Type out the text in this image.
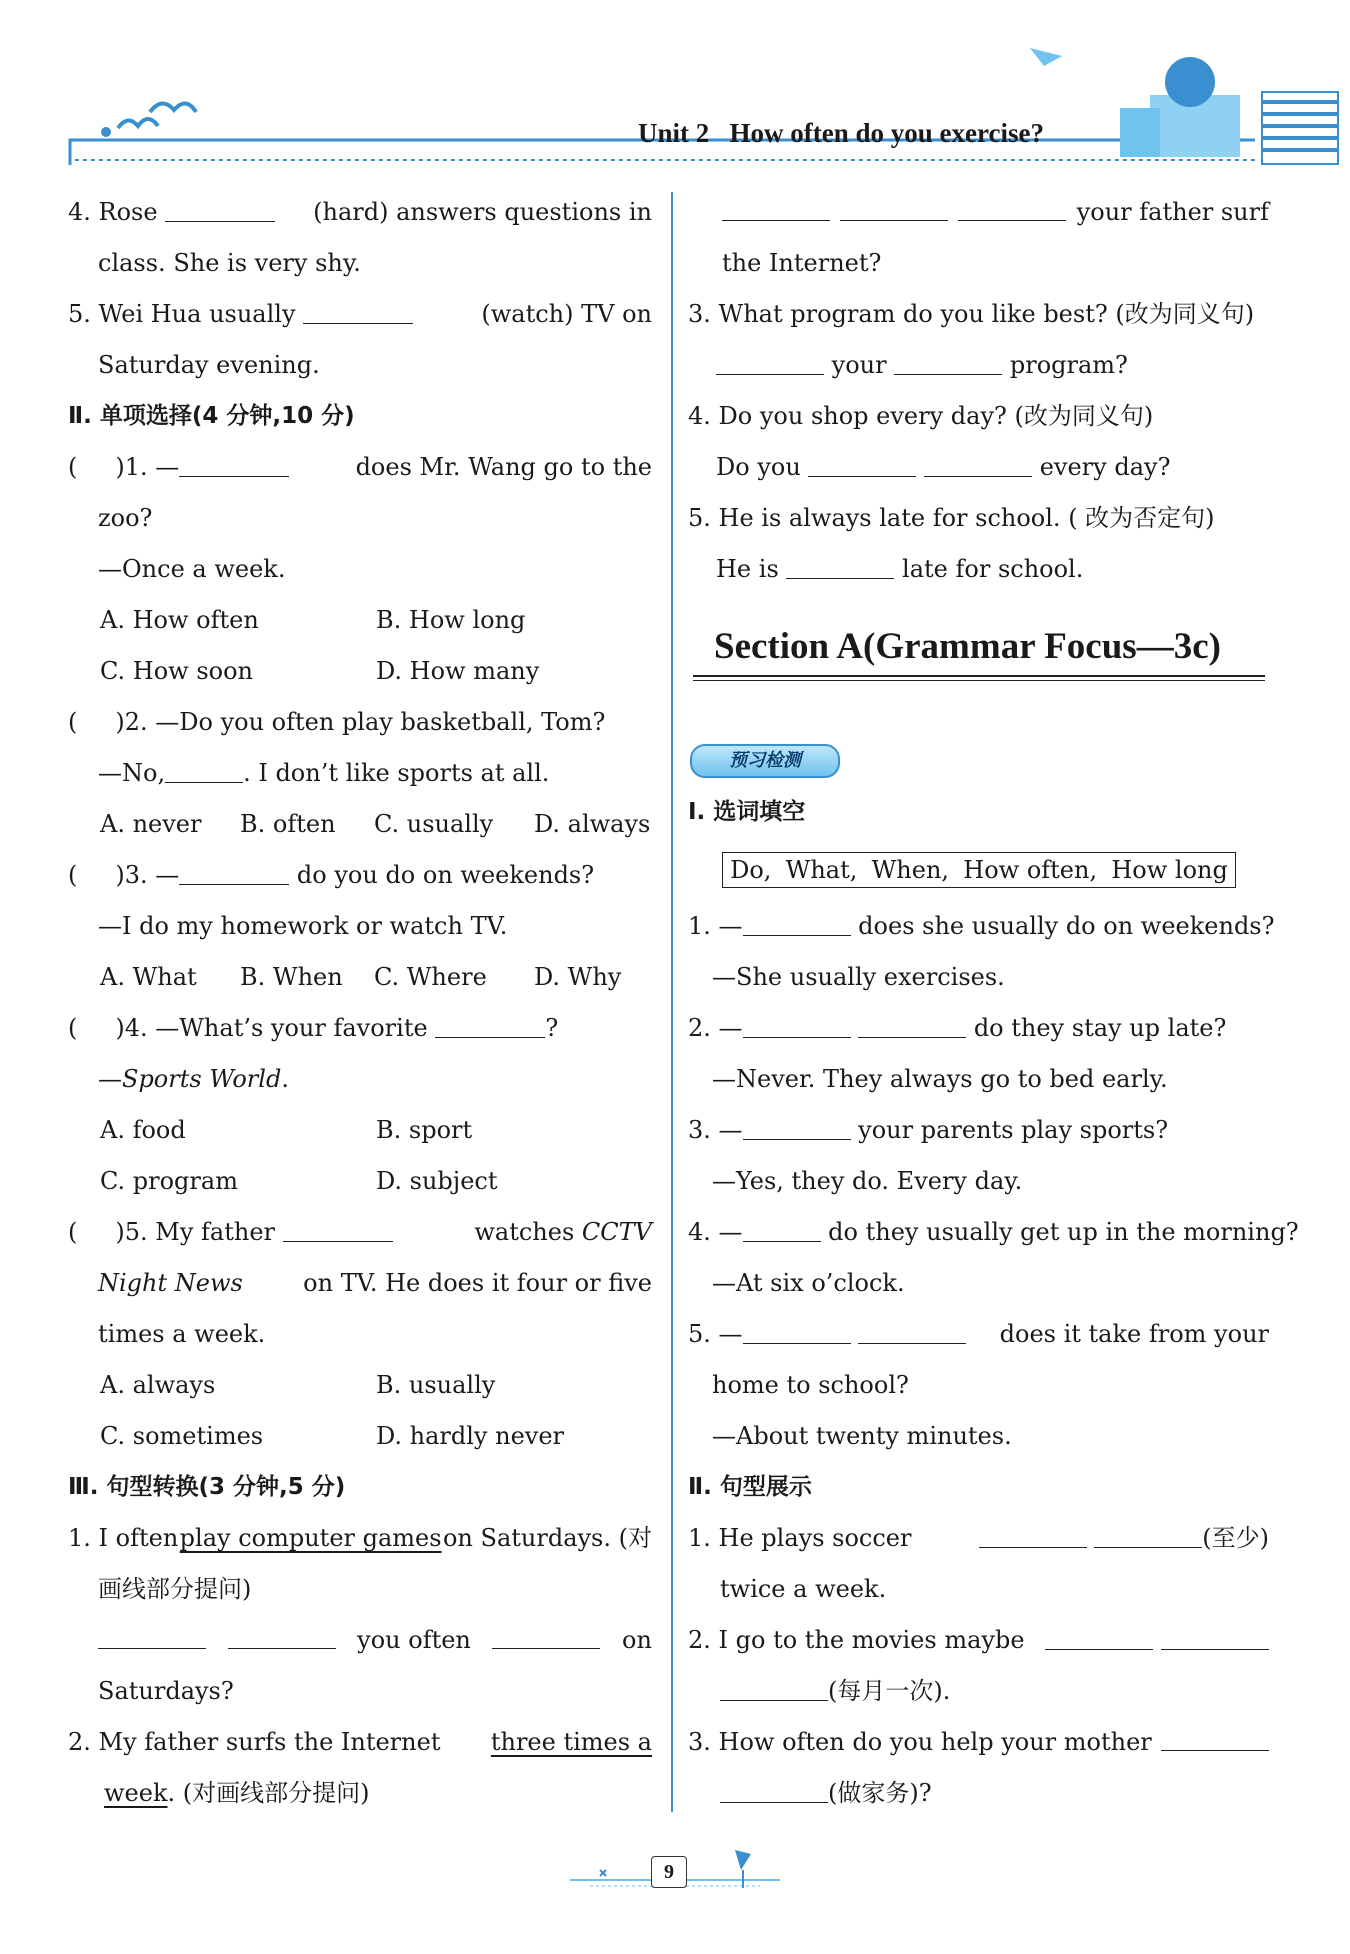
Unit 2   How often do you exercise?
4. Rose	(hard) answers questions in
class. She is very shy.
5. Wei Hua usually	(watch) TV on
Saturday evening.
Ⅱ. 单项选择(4 分钟,10 分)
( )1. —	does Mr. Wang go to the
zoo?
—Once a week.
A. How often	B. How long
C. How soon	D. How many
( )2. —Do you often play basketball, Tom?
—No,	. I don’t like sports at all.
A. never B. often C. usually D. always
( )3. —	do you do on weekends?
—I do my homework or watch TV.
A. What B. When C. Where D. Why
( )4. —What’s your favorite	?
—Sports World.
A. food	B. sport
C. program	D. subject
( )5. My father	watches CCTV
Night News	on TV. He does it four or five
times a week.
A. always	B. usually
C. sometimes	D. hardly never
Ⅲ. 句型转换(3 分钟,5 分)
1. I often play computer games on Saturdays. (对
画线部分提问)
you often	on
Saturdays?
2. My father surfs the Internet three times a
week. (对画线部分提问)
your father surf
the Internet?
3. What program do you like best? (改为同义句)
your	program?
4. Do you shop every day? (改为同义句)
Do you	every day?
5. He is always late for school. ( 改为否定句)
He is	late for school.
Section A(Grammar Focus—3c)
预习检测
Ⅰ. 选词填空
Do, What, When, How often, How long
1. —	does she usually do on weekends?
—She usually exercises.
2. —	do they stay up late?
—Never. They always go to bed early.
3. —	your parents play sports?
—Yes, they do. Every day.
4. —	do they usually get up in the morning?
—At six o’clock.
5. —	does it take from your
home to school?
—About twenty minutes.
Ⅱ. 句型展示
1. He plays soccer	(至少)
twice a week.
2. I go to the movies maybe

(每月一次).
3. How often do you help your mother
(做家务)?
9
